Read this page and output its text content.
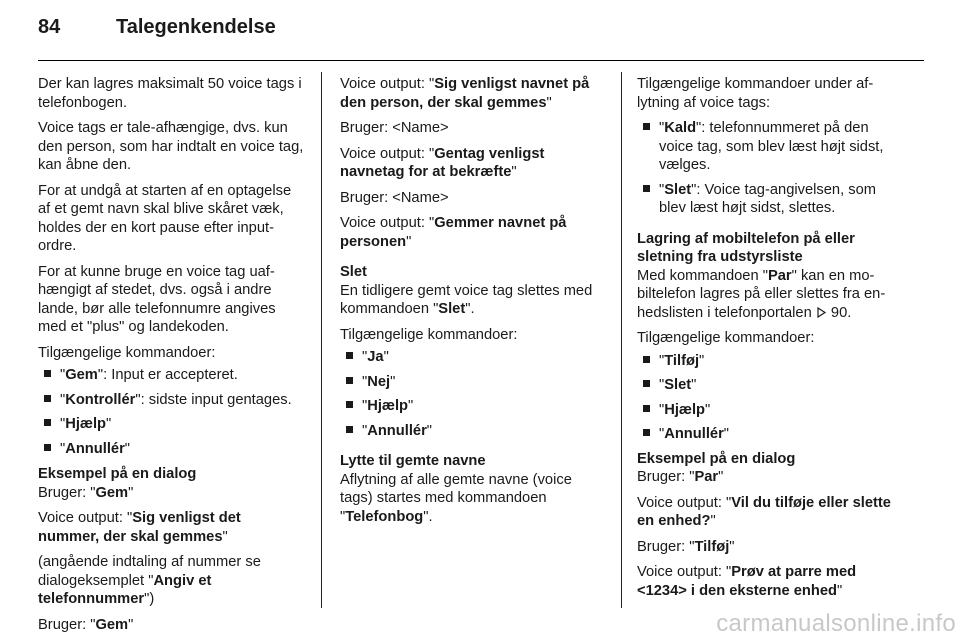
84	Talegenkendelse

Der kan lagres maksimalt 50 voice tags i telefonbogen.

Voice tags er tale-afhængige, dvs. kun den person, som har indtalt en voice tag, kan åbne den.

For at undgå at starten af en optagelse af et gemt navn skal blive skåret væk, holdes der en kort pause efter input-ordre.

For at kunne bruge en voice tag uafhængigt af stedet, dvs. også i andre lande, bør alle telefonnumre angives med et "plus" og landekoden.

Tilgængelige kommandoer:

"Gem": Input er accepteret.
"Kontrollér": sidste input gentages.
"Hjælp"
"Annullér"

Eksempel på en dialog

Bruger: "Gem"

Voice output: "Sig venligst det nummer, der skal gemmes"

(angående indtaling af nummer se dialogeksemplet "Angiv et telefonnummer")

Bruger: "Gem"

Voice output: "Sig venligst navnet på den person, der skal gemmes"

Bruger: <Name>

Voice output: "Gentag venligst navnetag for at bekræfte"

Bruger: <Name>

Voice output: "Gemmer navnet på personen"

Slet

En tidligere gemt voice tag slettes med kommandoen "Slet".

Tilgængelige kommandoer:

"Ja"
"Nej"
"Hjælp"
"Annullér"

Lytte til gemte navne

Aflytning af alle gemte navne (voice tags) startes med kommandoen "Telefonbog".

Tilgængelige kommandoer under aflytning af voice tags:

"Kald": telefonnummeret på den voice tag, som blev læst højt sidst, vælges.
"Slet": Voice tag-angivelsen, som blev læst højt sidst, slettes.

Lagring af mobiltelefon på eller sletning fra udstyrsliste

Med kommandoen "Par" kan en mobiltelefon lagres på eller slettes fra enhedslisten i telefonportalen  90.

Tilgængelige kommandoer:

"Tilføj"
"Slet"
"Hjælp"
"Annullér"

Eksempel på en dialog

Bruger: "Par"

Voice output: "Vil du tilføje eller slette en enhed?"

Bruger: "Tilføj"

Voice output: "Prøv at parre med <1234> i den eksterne enhed"

carmanualsonline.info
